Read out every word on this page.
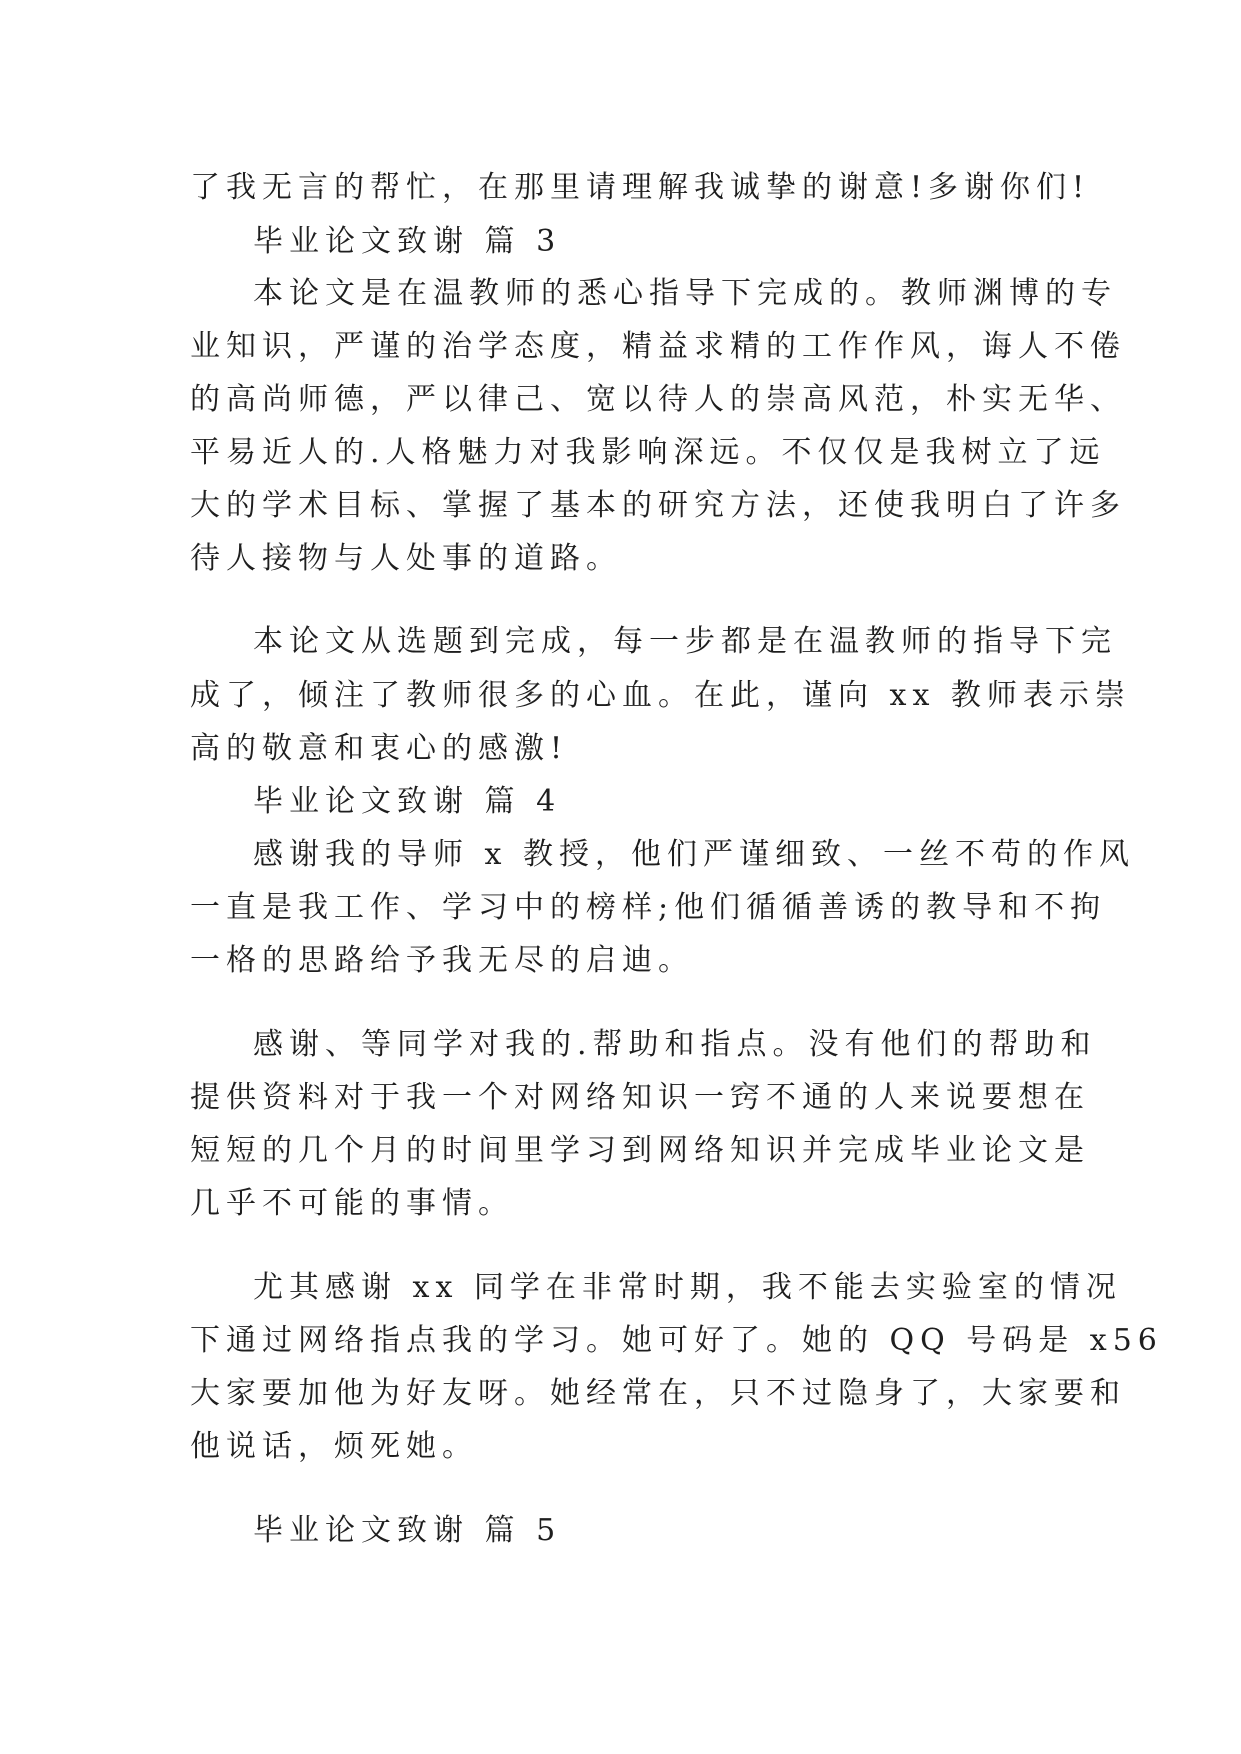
了我无言的帮忙，在那里请理解我诚挚的谢意!多谢你们!
毕业论文致谢 篇 3
本论文是在温教师的悉心指导下完成的。教师渊博的专
业知识，严谨的治学态度，精益求精的工作作风，诲人不倦
的高尚师德，严以律己、宽以待人的崇高风范，朴实无华、
平易近人的.人格魅力对我影响深远。不仅仅是我树立了远
大的学术目标、掌握了基本的研究方法，还使我明白了许多
待人接物与人处事的道路。
本论文从选题到完成，每一步都是在温教师的指导下完
成了，倾注了教师很多的心血。在此，谨向 xx 教师表示崇
高的敬意和衷心的感激!
毕业论文致谢 篇 4
感谢我的导师 x 教授，他们严谨细致、一丝不苟的作风
一直是我工作、学习中的榜样;他们循循善诱的教导和不拘
一格的思路给予我无尽的启迪。
感谢、等同学对我的.帮助和指点。没有他们的帮助和
提供资料对于我一个对网络知识一窍不通的人来说要想在
短短的几个月的时间里学习到网络知识并完成毕业论文是
几乎不可能的事情。
尤其感谢 xx 同学在非常时期，我不能去实验室的情况
下通过网络指点我的学习。她可好了。她的 QQ 号码是 x56
大家要加他为好友呀。她经常在，只不过隐身了，大家要和
他说话，烦死她。
毕业论文致谢 篇 5
